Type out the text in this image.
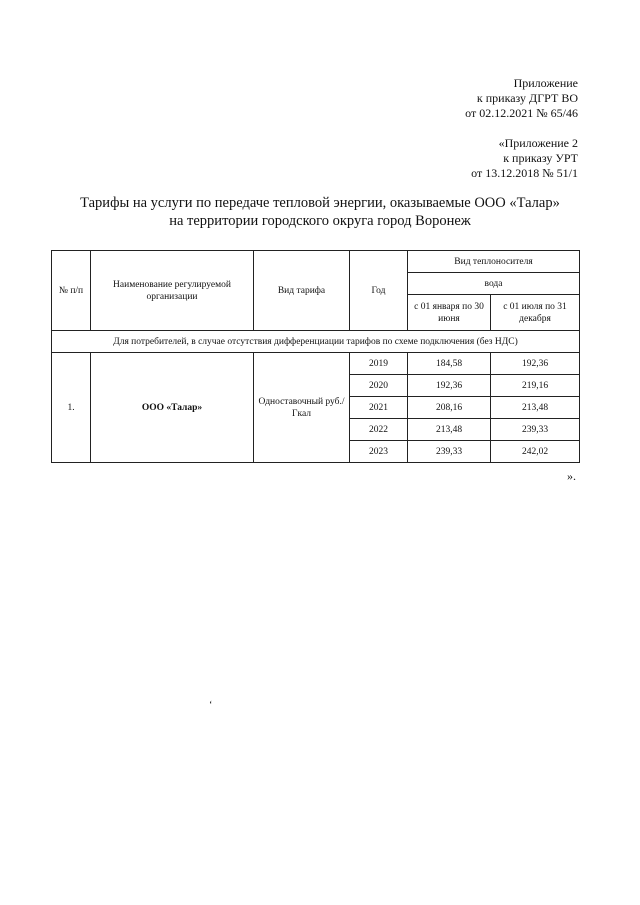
Приложение
к приказу ДГРТ ВО
от 02.12.2021 № 65/46
«Приложение 2
к приказу УРТ
от 13.12.2018 № 51/1
Тарифы на услуги по передаче тепловой энергии, оказываемые ООО «Талар»
на территории городского округа город Воронеж
№ п/п	Наименование регулируемой организации	Вид тарифа	Год	Вид теплоносителя	
				вода	
				с 01 января по 30 июня	с 01 июля по 31 декабря
Для потребителей, в случае отсутствия дифференциации тарифов по схеме подключения (без НДС)					
1.	ООО «Талар»	Одноставочный руб./Гкал	2019	184,58	192,36
			2020	192,36	219,16
			2021	208,16	213,48
			2022	213,48	239,33
			2023	239,33	242,02
».
‘
